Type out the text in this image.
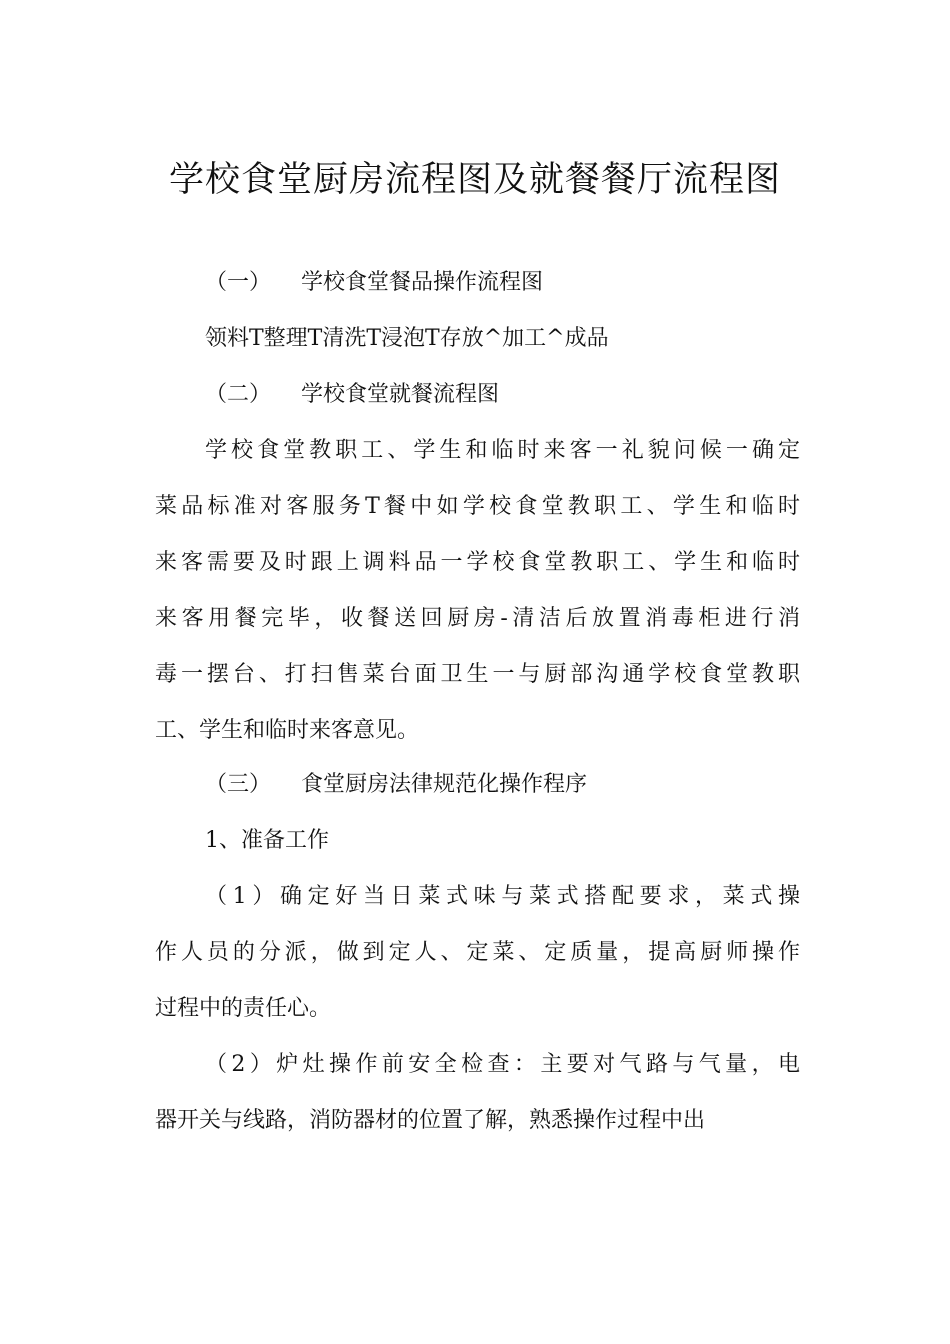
学校食堂厨房流程图及就餐餐厅流程图
（一） 学校食堂餐品操作流程图
领料T整理T清洗T浸泡T存放^加工^成品
（二） 学校食堂就餐流程图
学校食堂教职工、学生和临时来客一礼貌问候一确定
菜品标准对客服务T餐中如学校食堂教职工、学生和临时
来客需要及时跟上调料品一学校食堂教职工、学生和临时
来客用餐完毕，收餐送回厨房-清洁后放置消毒柜进行消
毒一摆台、打扫售菜台面卫生一与厨部沟通学校食堂教职
工、学生和临时来客意见。
（三） 食堂厨房法律规范化操作程序
1、准备工作
（1）确定好当日菜式味与菜式搭配要求，菜式操
作人员的分派，做到定人、定菜、定质量，提高厨师操作
过程中的责任心。
（2）炉灶操作前安全检查：主要对气路与气量，电
器开关与线路，消防器材的位置了解，熟悉操作过程中出
